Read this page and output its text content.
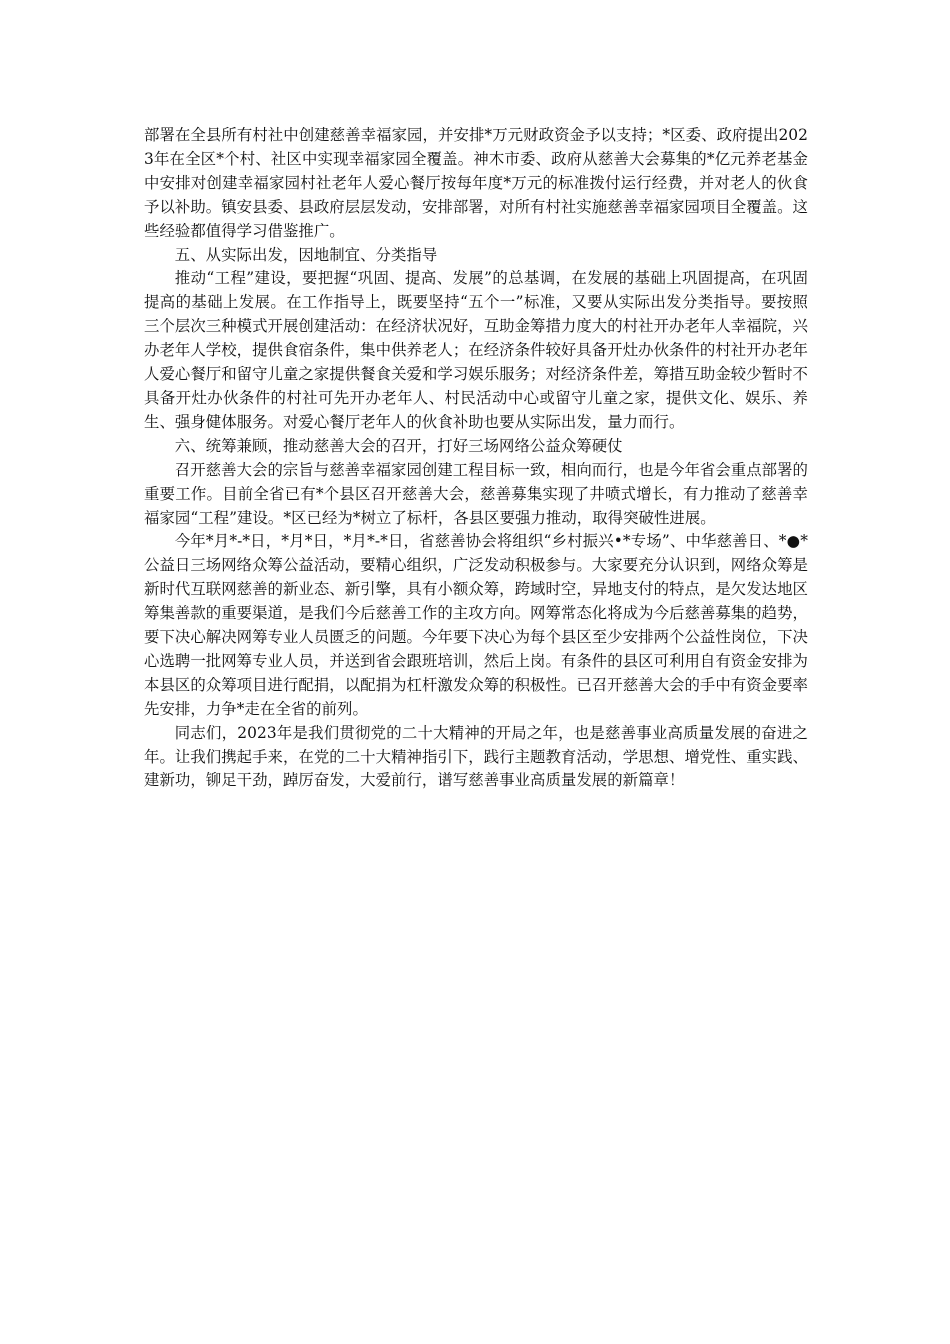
部署在全县所有村社中创建慈善幸福家园，并安排*万元财政资金予以支持；*区委、政府提出2023年在全区*个村、社区中实现幸福家园全覆盖。神木市委、政府从慈善大会募集的*亿元养老基金中安排对创建幸福家园村社老年人爱心餐厅按每年度*万元的标准拨付运行经费，并对老人的伙食予以补助。镇安县委、县政府层层发动，安排部署，对所有村社实施慈善幸福家园项目全覆盖。这些经验都值得学习借鉴推广。

五、从实际出发，因地制宜、分类指导

推动“工程”建设，要把握“巩固、提高、发展”的总基调，在发展的基础上巩固提高，在巩固提高的基础上发展。在工作指导上，既要坚持“五个一”标准，又要从实际出发分类指导。要按照三个层次三种模式开展创建活动：在经济状况好，互助金筹措力度大的村社开办老年人幸福院，兴办老年人学校，提供食宿条件，集中供养老人；在经济条件较好具备开灶办伙条件的村社开办老年人爱心餐厅和留守儿童之家提供餐食关爱和学习娱乐服务；对经济条件差，筹措互助金较少暂时不具备开灶办伙条件的村社可先开办老年人、村民活动中心或留守儿童之家，提供文化、娱乐、养生、强身健体服务。对爱心餐厅老年人的伙食补助也要从实际出发，量力而行。

六、统筹兼顾，推动慈善大会的召开，打好三场网络公益众筹硬仗

召开慈善大会的宗旨与慈善幸福家园创建工程目标一致，相向而行，也是今年省会重点部署的重要工作。目前全省已有*个县区召开慈善大会，慈善募集实现了井喷式增长，有力推动了慈善幸福家园“工程”建设。*区已经为*树立了标杆，各县区要强力推动，取得突破性进展。

今年*月*-*日，*月*日，*月*-*日，省慈善协会将组织“乡村振兴•*专场”、中华慈善日、*●*公益日三场网络众筹公益活动，要精心组织，广泛发动积极参与。大家要充分认识到，网络众筹是新时代互联网慈善的新业态、新引擎，具有小额众筹，跨域时空，异地支付的特点，是欠发达地区筹集善款的重要渠道，是我们今后慈善工作的主攻方向。网筹常态化将成为今后慈善募集的趋势，要下决心解决网筹专业人员匮乏的问题。今年要下决心为每个县区至少安排两个公益性岗位，下决心选聘一批网筹专业人员，并送到省会跟班培训，然后上岗。有条件的县区可利用自有资金安排为本县区的众筹项目进行配捐，以配捐为杠杆激发众筹的积极性。已召开慈善大会的手中有资金要率先安排，力争*走在全省的前列。

同志们，2023年是我们贯彻党的二十大精神的开局之年，也是慈善事业高质量发展的奋进之年。让我们携起手来，在党的二十大精神指引下，践行主题教育活动，学思想、增党性、重实践、建新功，铆足干劲，踔厉奋发，大爱前行，谱写慈善事业高质量发展的新篇章！
